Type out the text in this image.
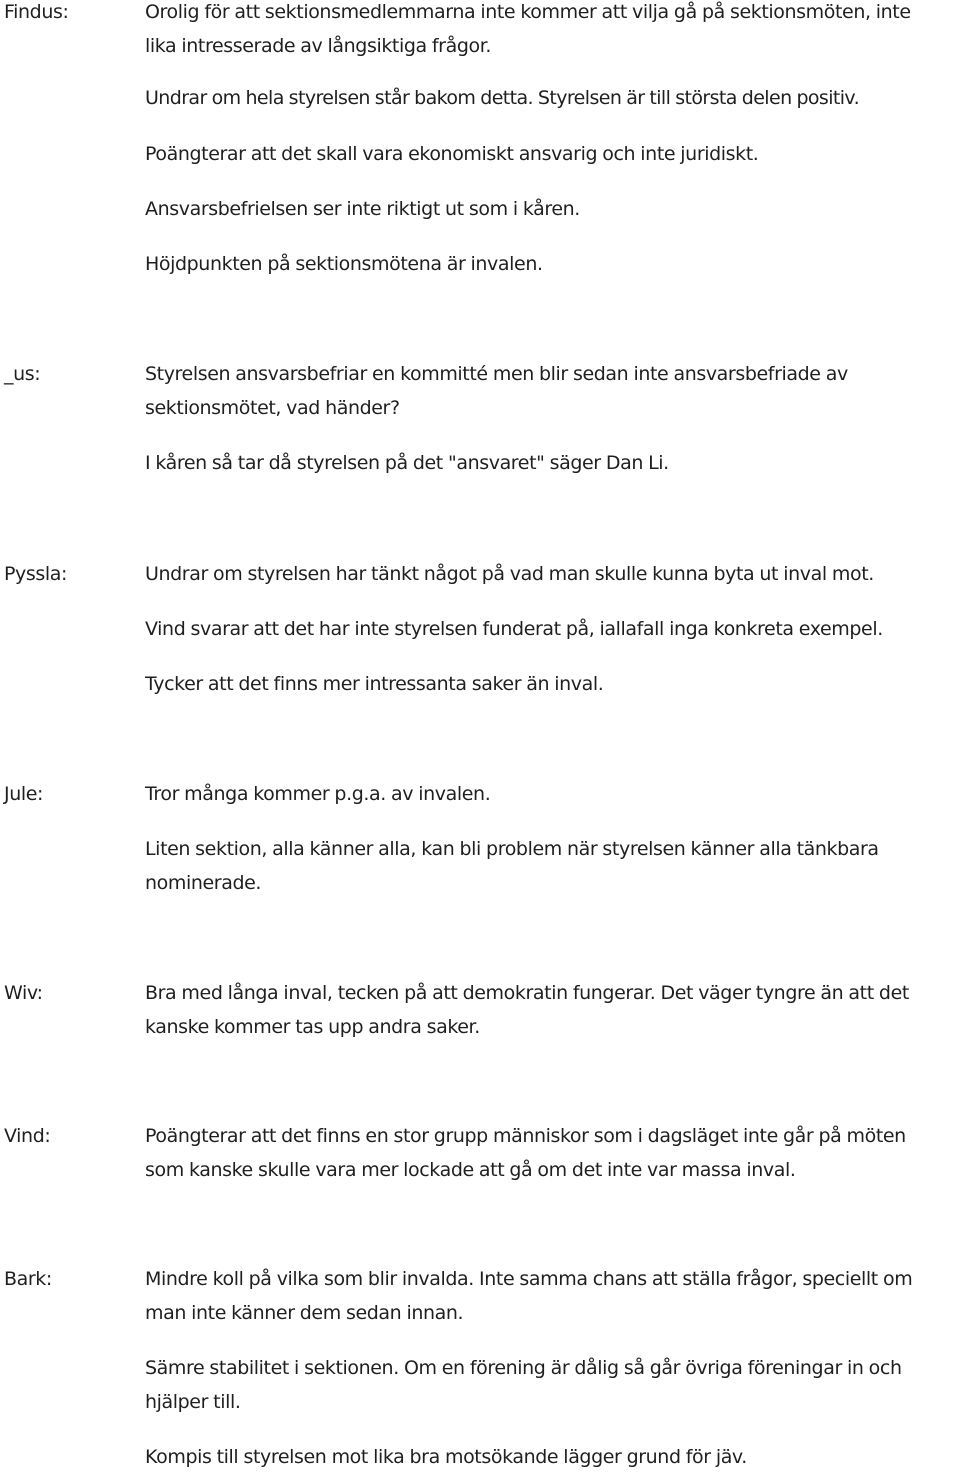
Findus:	Orolig för att sektionsmedlemmarna inte kommer att vilja gå på sektionsmöten, inte
lika intresserade av långsiktiga frågor.
Undrar om hela styrelsen står bakom detta. Styrelsen är till största delen positiv.
Poängterar att det skall vara ekonomiskt ansvarig och inte juridiskt.
Ansvarsbefrielsen ser inte riktigt ut som i kåren.
Höjdpunkten på sektionsmötena är invalen.
_us:	Styrelsen ansvarsbefriar en kommitté men blir sedan inte ansvarsbefriade av
sektionsmötet, vad händer?
I kåren så tar då styrelsen på det "ansvaret" säger Dan Li.
Pyssla:	Undrar om styrelsen har tänkt något på vad man skulle kunna byta ut inval mot.
Vind svarar att det har inte styrelsen funderat på, iallafall inga konkreta exempel.
Tycker att det finns mer intressanta saker än inval.
Jule:	Tror många kommer p.g.a. av invalen.
Liten sektion, alla känner alla, kan bli problem när styrelsen känner alla tänkbara
nominerade.
Wiv:	Bra med långa inval, tecken på att demokratin fungerar. Det väger tyngre än att det
kanske kommer tas upp andra saker.
Vind:	Poängterar att det finns en stor grupp människor som i dagsläget inte går på möten
som kanske skulle vara mer lockade att gå om det inte var massa inval.
Bark:	Mindre koll på vilka som blir invalda. Inte samma chans att ställa frågor, speciellt om
man inte känner dem sedan innan.
Sämre stabilitet i sektionen. Om en förening är dålig så går övriga föreningar in och
hjälper till.
Kompis till styrelsen mot lika bra motsökande lägger grund för jäv.
